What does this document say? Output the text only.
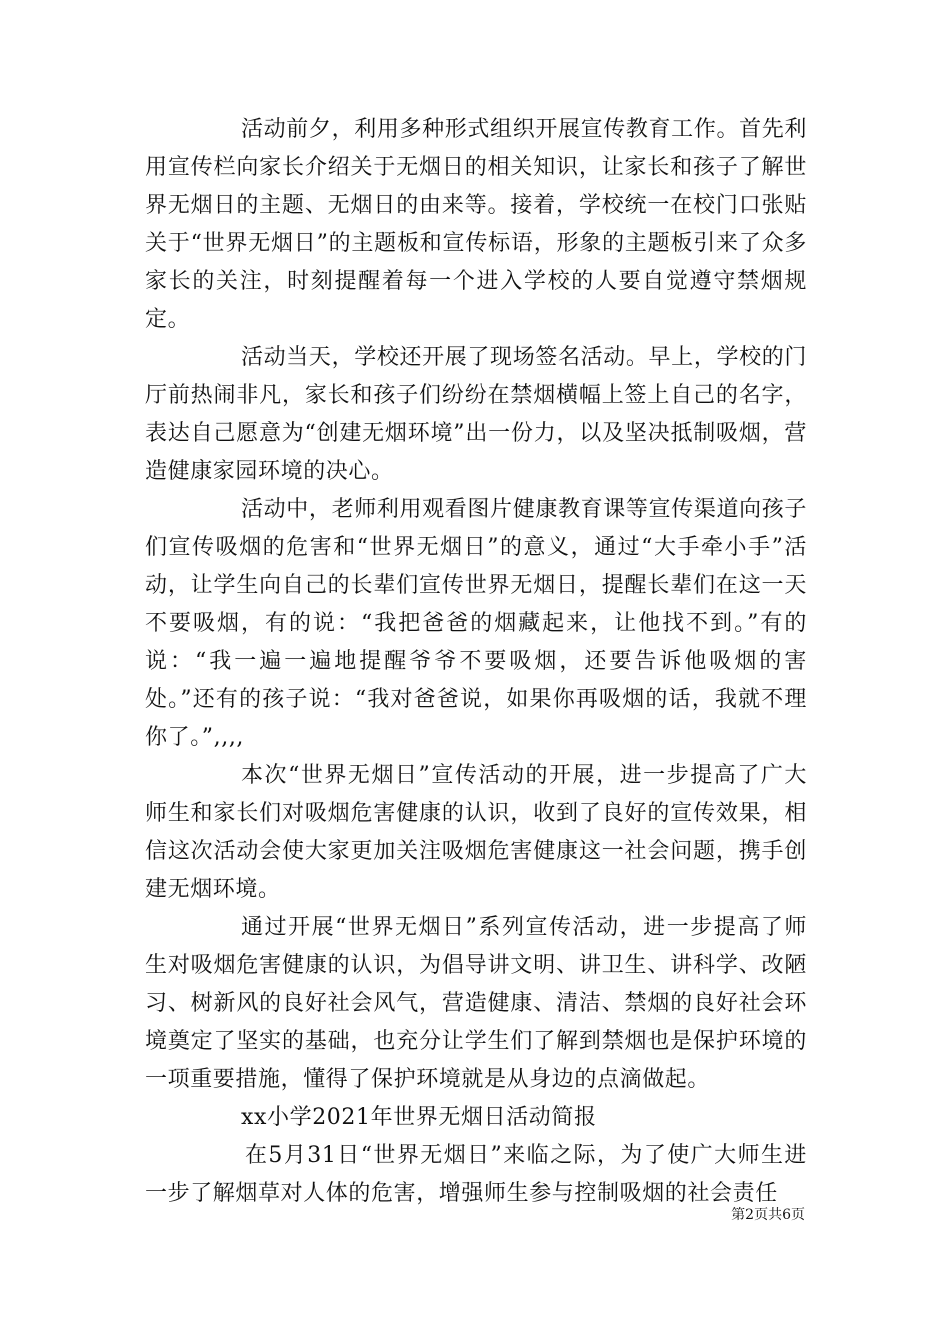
活动前夕，利用多种形式组织开展宣传教育工作。首先利用宣传栏向家长介绍关于无烟日的相关知识，让家长和孩子了解世界无烟日的主题、无烟日的由来等。接着，学校统一在校门口张贴关于“世界无烟日”的主题板和宣传标语，形象的主题板引来了众多家长的关注，时刻提醒着每一个进入学校的人要自觉遵守禁烟规定。

活动当天，学校还开展了现场签名活动。早上，学校的门厅前热闹非凡，家长和孩子们纷纷在禁烟横幅上签上自己的名字，表达自己愿意为“创建无烟环境”出一份力，以及坚决抵制吸烟，营造健康家园环境的决心。

活动中，老师利用观看图片健康教育课等宣传渠道向孩子们宣传吸烟的危害和“世界无烟日”的意义，通过“大手牵小手”活动，让学生向自己的长辈们宣传世界无烟日，提醒长辈们在这一天不要吸烟，有的说：“我把爸爸的烟藏起来，让他找不到。”有的说：“我一遍一遍地提醒爷爷不要吸烟，还要告诉他吸烟的害处。”还有的孩子说：“我对爸爸说，如果你再吸烟的话，我就不理你了。”,,,,

本次“世界无烟日”宣传活动的开展，进一步提高了广大师生和家长们对吸烟危害健康的认识，收到了良好的宣传效果，相信这次活动会使大家更加关注吸烟危害健康这一社会问题，携手创建无烟环境。

通过开展“世界无烟日”系列宣传活动，进一步提高了师生对吸烟危害健康的认识，为倡导讲文明、讲卫生、讲科学、改陋习、树新风的良好社会风气，营造健康、清洁、禁烟的良好社会环境奠定了坚实的基础，也充分让学生们了解到禁烟也是保护环境的一项重要措施，懂得了保护环境就是从身边的点滴做起。

xx小学2021年世界无烟日活动简报

在5月31日“世界无烟日”来临之际，为了使广大师生进一步了解烟草对人体的危害，增强师生参与控制吸烟的社会责任

第2页共6页
